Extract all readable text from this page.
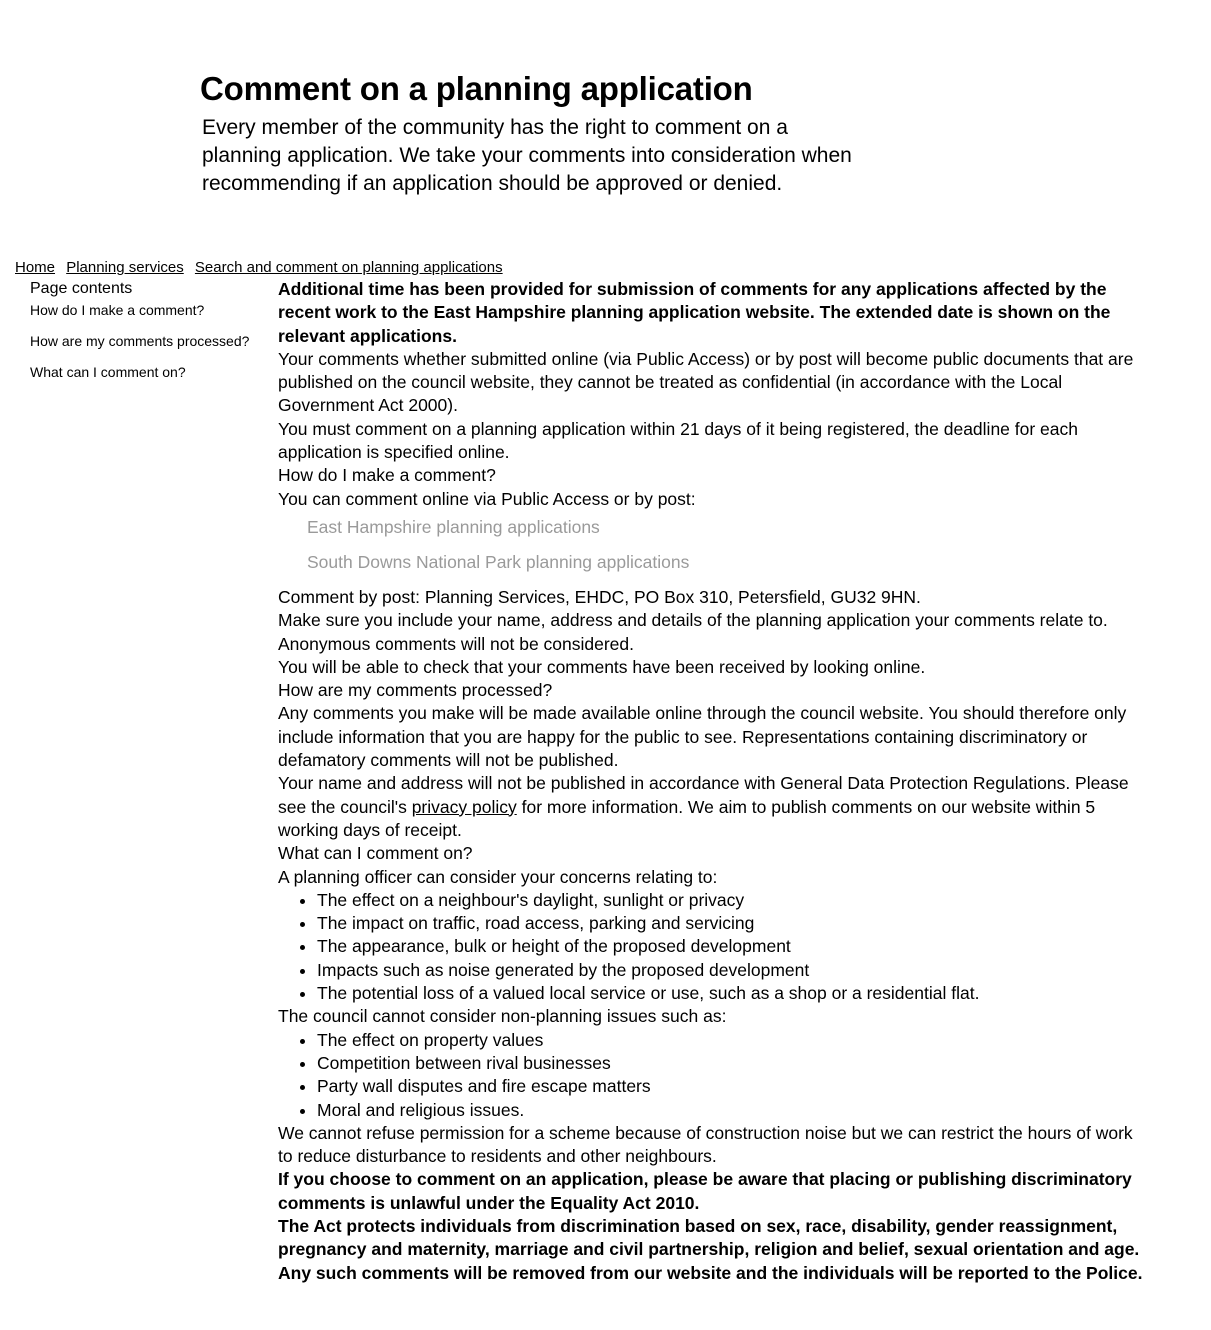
Comment on a planning application

Every member of the community has the right to comment on a planning application. We take your comments into consideration when recommending if an application should be approved or denied.

Home Planning services Search and comment on planning applications
Page contents
How do I make a comment?
How are my comments processed?
What can I comment on?

Additional time has been provided for submission of comments for any applications affected by the recent work to the East Hampshire planning application website. The extended date is shown on the relevant applications.

Your comments whether submitted online (via Public Access) or by post will become public documents that are published on the council website, they cannot be treated as confidential (in accordance with the Local Government Act 2000).

You must comment on a planning application within 21 days of it being registered, the deadline for each application is specified online.

How do I make a comment?

You can comment online via Public Access or by post:

East Hampshire planning applications
South Downs National Park planning applications

Comment by post: Planning Services, EHDC, PO Box 310, Petersfield, GU32 9HN.

Make sure you include your name, address and details of the planning application your comments relate to.

Anonymous comments will not be considered.

You will be able to check that your comments have been received by looking online.

How are my comments processed?

Any comments you make will be made available online through the council website. You should therefore only include information that you are happy for the public to see. Representations containing discriminatory or defamatory comments will not be published.

Your name and address will not be published in accordance with General Data Protection Regulations. Please see the council's privacy policy for more information. We aim to publish comments on our website within 5 working days of receipt.

What can I comment on?

A planning officer can consider your concerns relating to:

• The effect on a neighbour's daylight, sunlight or privacy
• The impact on traffic, road access, parking and servicing
• The appearance, bulk or height of the proposed development
• Impacts such as noise generated by the proposed development
• The potential loss of a valued local service or use, such as a shop or a residential flat.

The council cannot consider non-planning issues such as:

• The effect on property values
• Competition between rival businesses
• Party wall disputes and fire escape matters
• Moral and religious issues.

We cannot refuse permission for a scheme because of construction noise but we can restrict the hours of work to reduce disturbance to residents and other neighbours.

If you choose to comment on an application, please be aware that placing or publishing discriminatory comments is unlawful under the Equality Act 2010.

The Act protects individuals from discrimination based on sex, race, disability, gender reassignment, pregnancy and maternity, marriage and civil partnership, religion and belief, sexual orientation and age. Any such comments will be removed from our website and the individuals will be reported to the Police.
